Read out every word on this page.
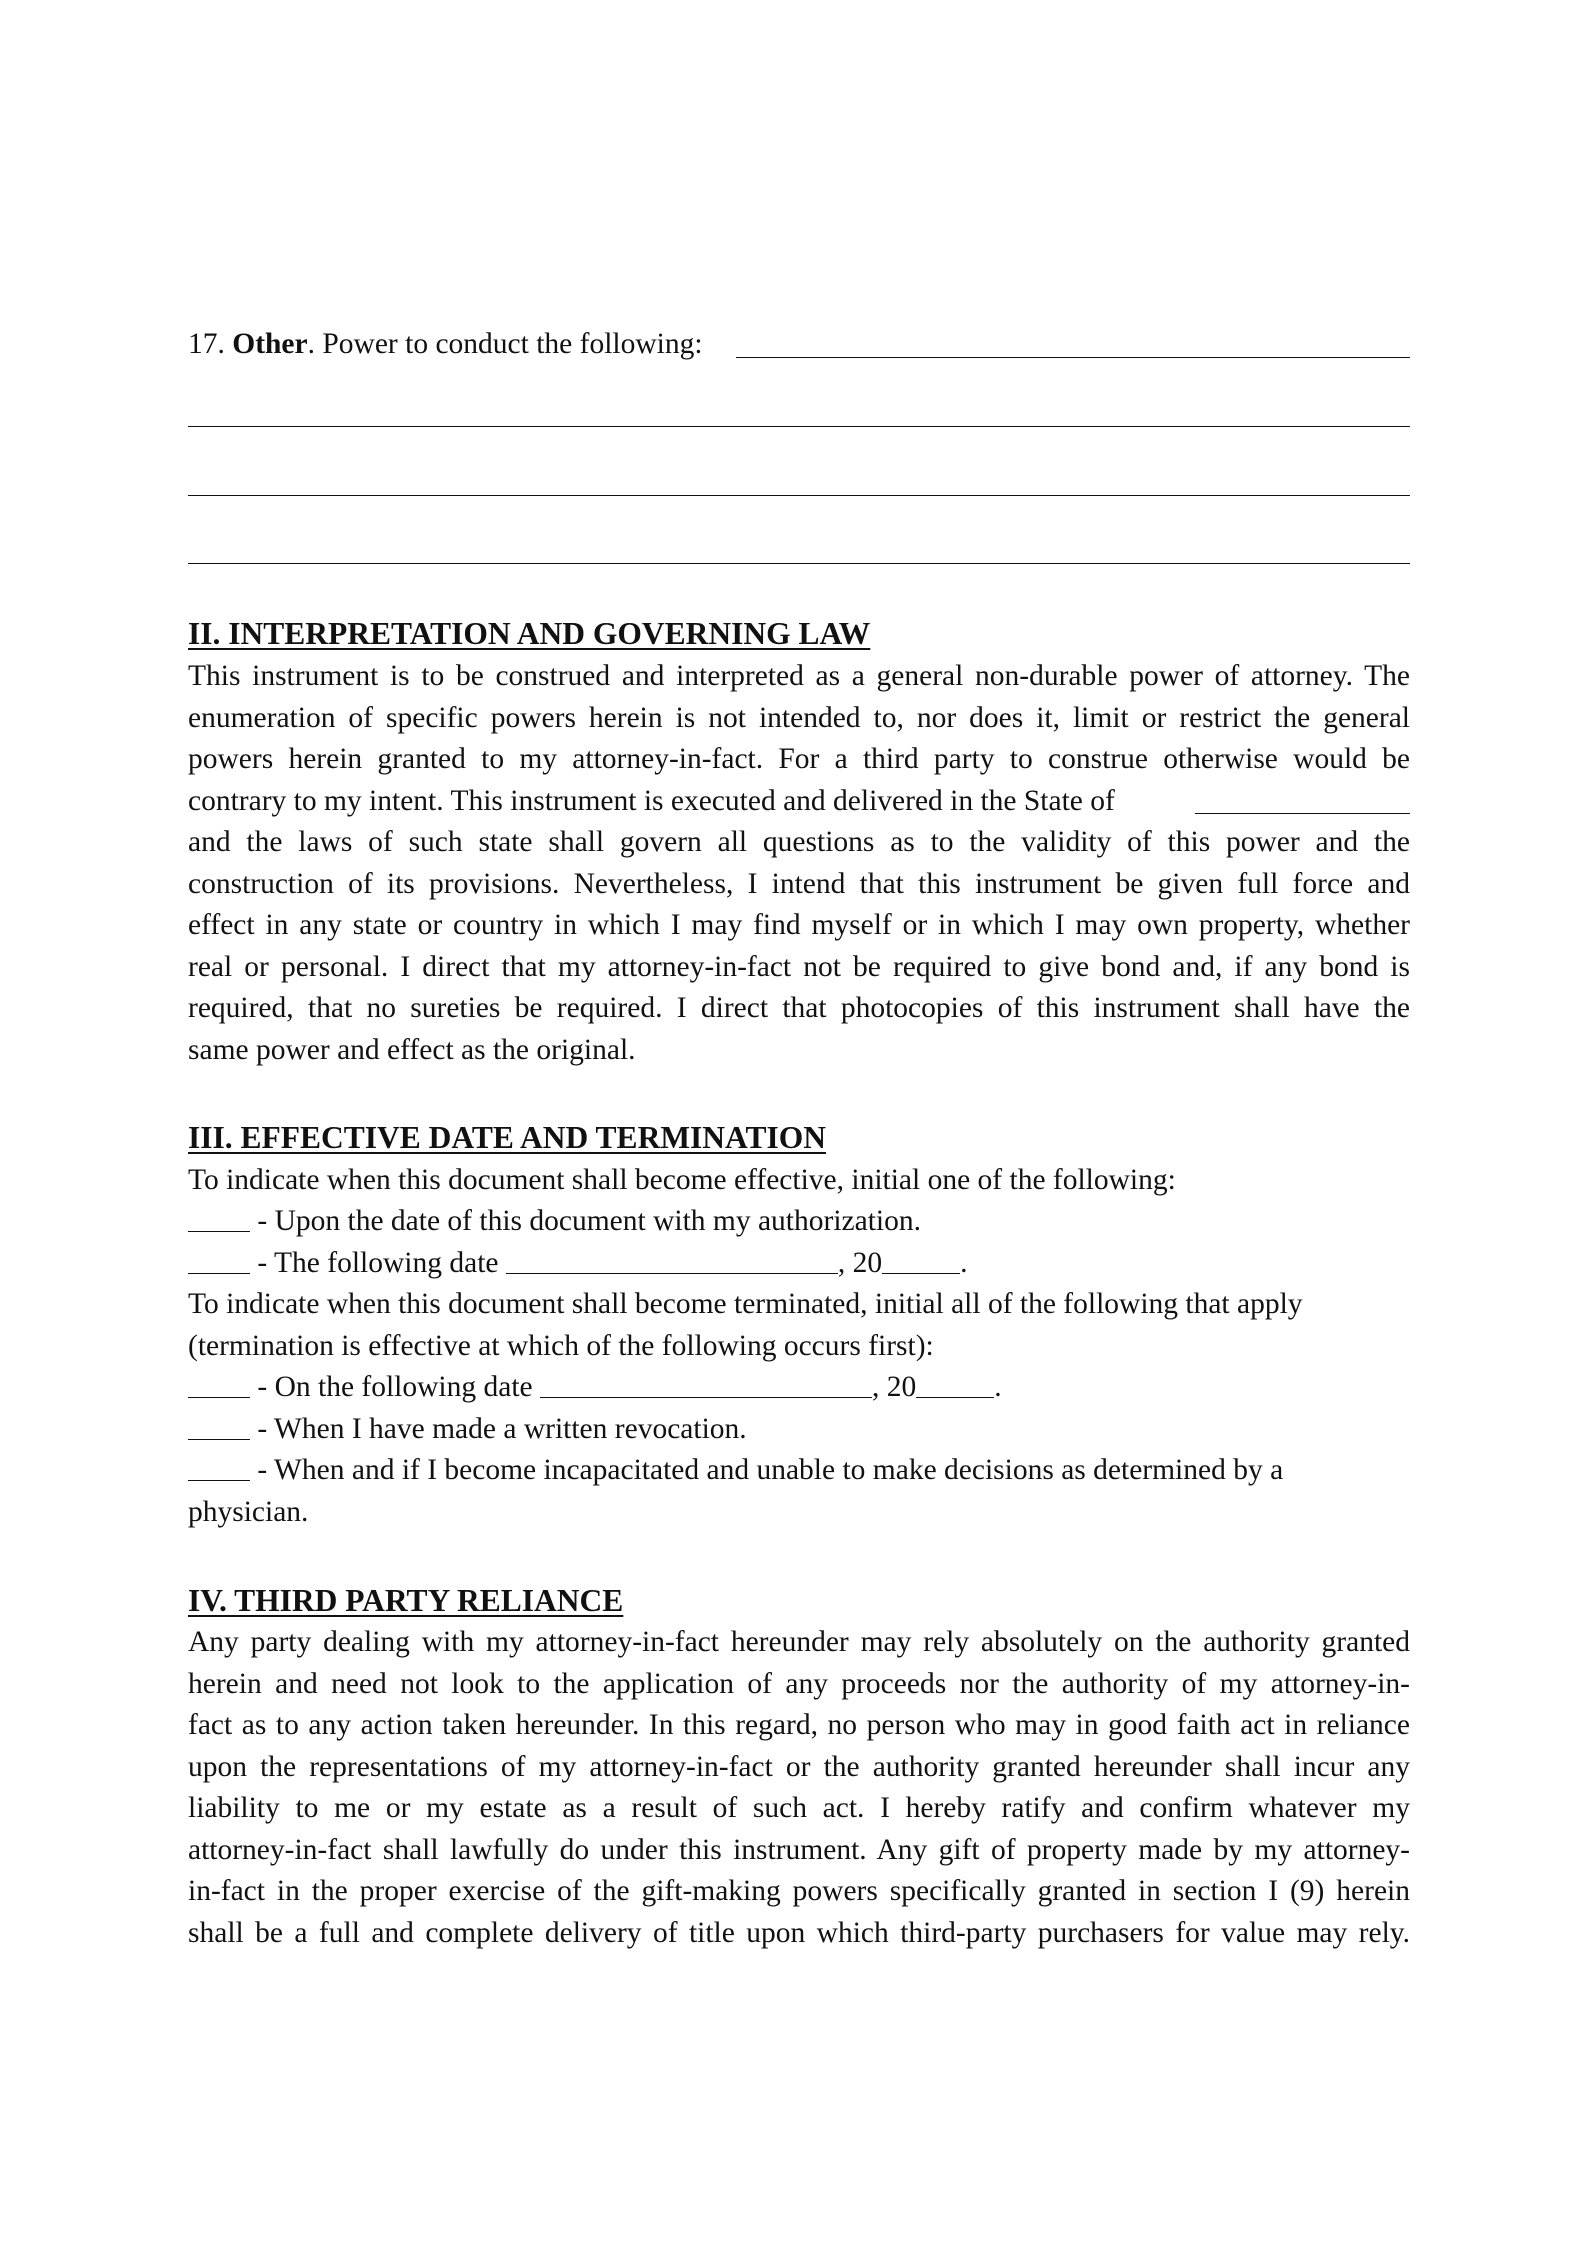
17. Other. Power to conduct the following:
II. INTERPRETATION AND GOVERNING LAW
This instrument is to be construed and interpreted as a general non-durable power of attorney. The
enumeration of specific powers herein is not intended to, nor does it, limit or restrict the general
powers herein granted to my attorney-in-fact. For a third party to construe otherwise would be
contrary to my intent. This instrument is executed and delivered in the State of
and the laws of such state shall govern all questions as to the validity of this power and the
construction of its provisions. Nevertheless, I intend that this instrument be given full force and
effect in any state or country in which I may find myself or in which I may own property, whether
real or personal. I direct that my attorney-in-fact not be required to give bond and, if any bond is
required, that no sureties be required. I direct that photocopies of this instrument shall have the
same power and effect as the original.
III. EFFECTIVE DATE AND TERMINATION
To indicate when this document shall become effective, initial one of the following:
- Upon the date of this document with my authorization.
- The following date	, 20	.
To indicate when this document shall become terminated, initial all of the following that apply
(termination is effective at which of the following occurs first):
- On the following date	, 20	.
- When I have made a written revocation.
- When and if I become incapacitated and unable to make decisions as determined by a
physician.
IV. THIRD PARTY RELIANCE
Any party dealing with my attorney-in-fact hereunder may rely absolutely on the authority granted
herein and need not look to the application of any proceeds nor the authority of my attorney-in-
fact as to any action taken hereunder. In this regard, no person who may in good faith act in reliance
upon the representations of my attorney-in-fact or the authority granted hereunder shall incur any
liability to me or my estate as a result of such act. I hereby ratify and confirm whatever my
attorney-in-fact shall lawfully do under this instrument. Any gift of property made by my attorney-
in-fact in the proper exercise of the gift-making powers specifically granted in section I (9) herein
shall be a full and complete delivery of title upon which third-party purchasers for value may rely.
